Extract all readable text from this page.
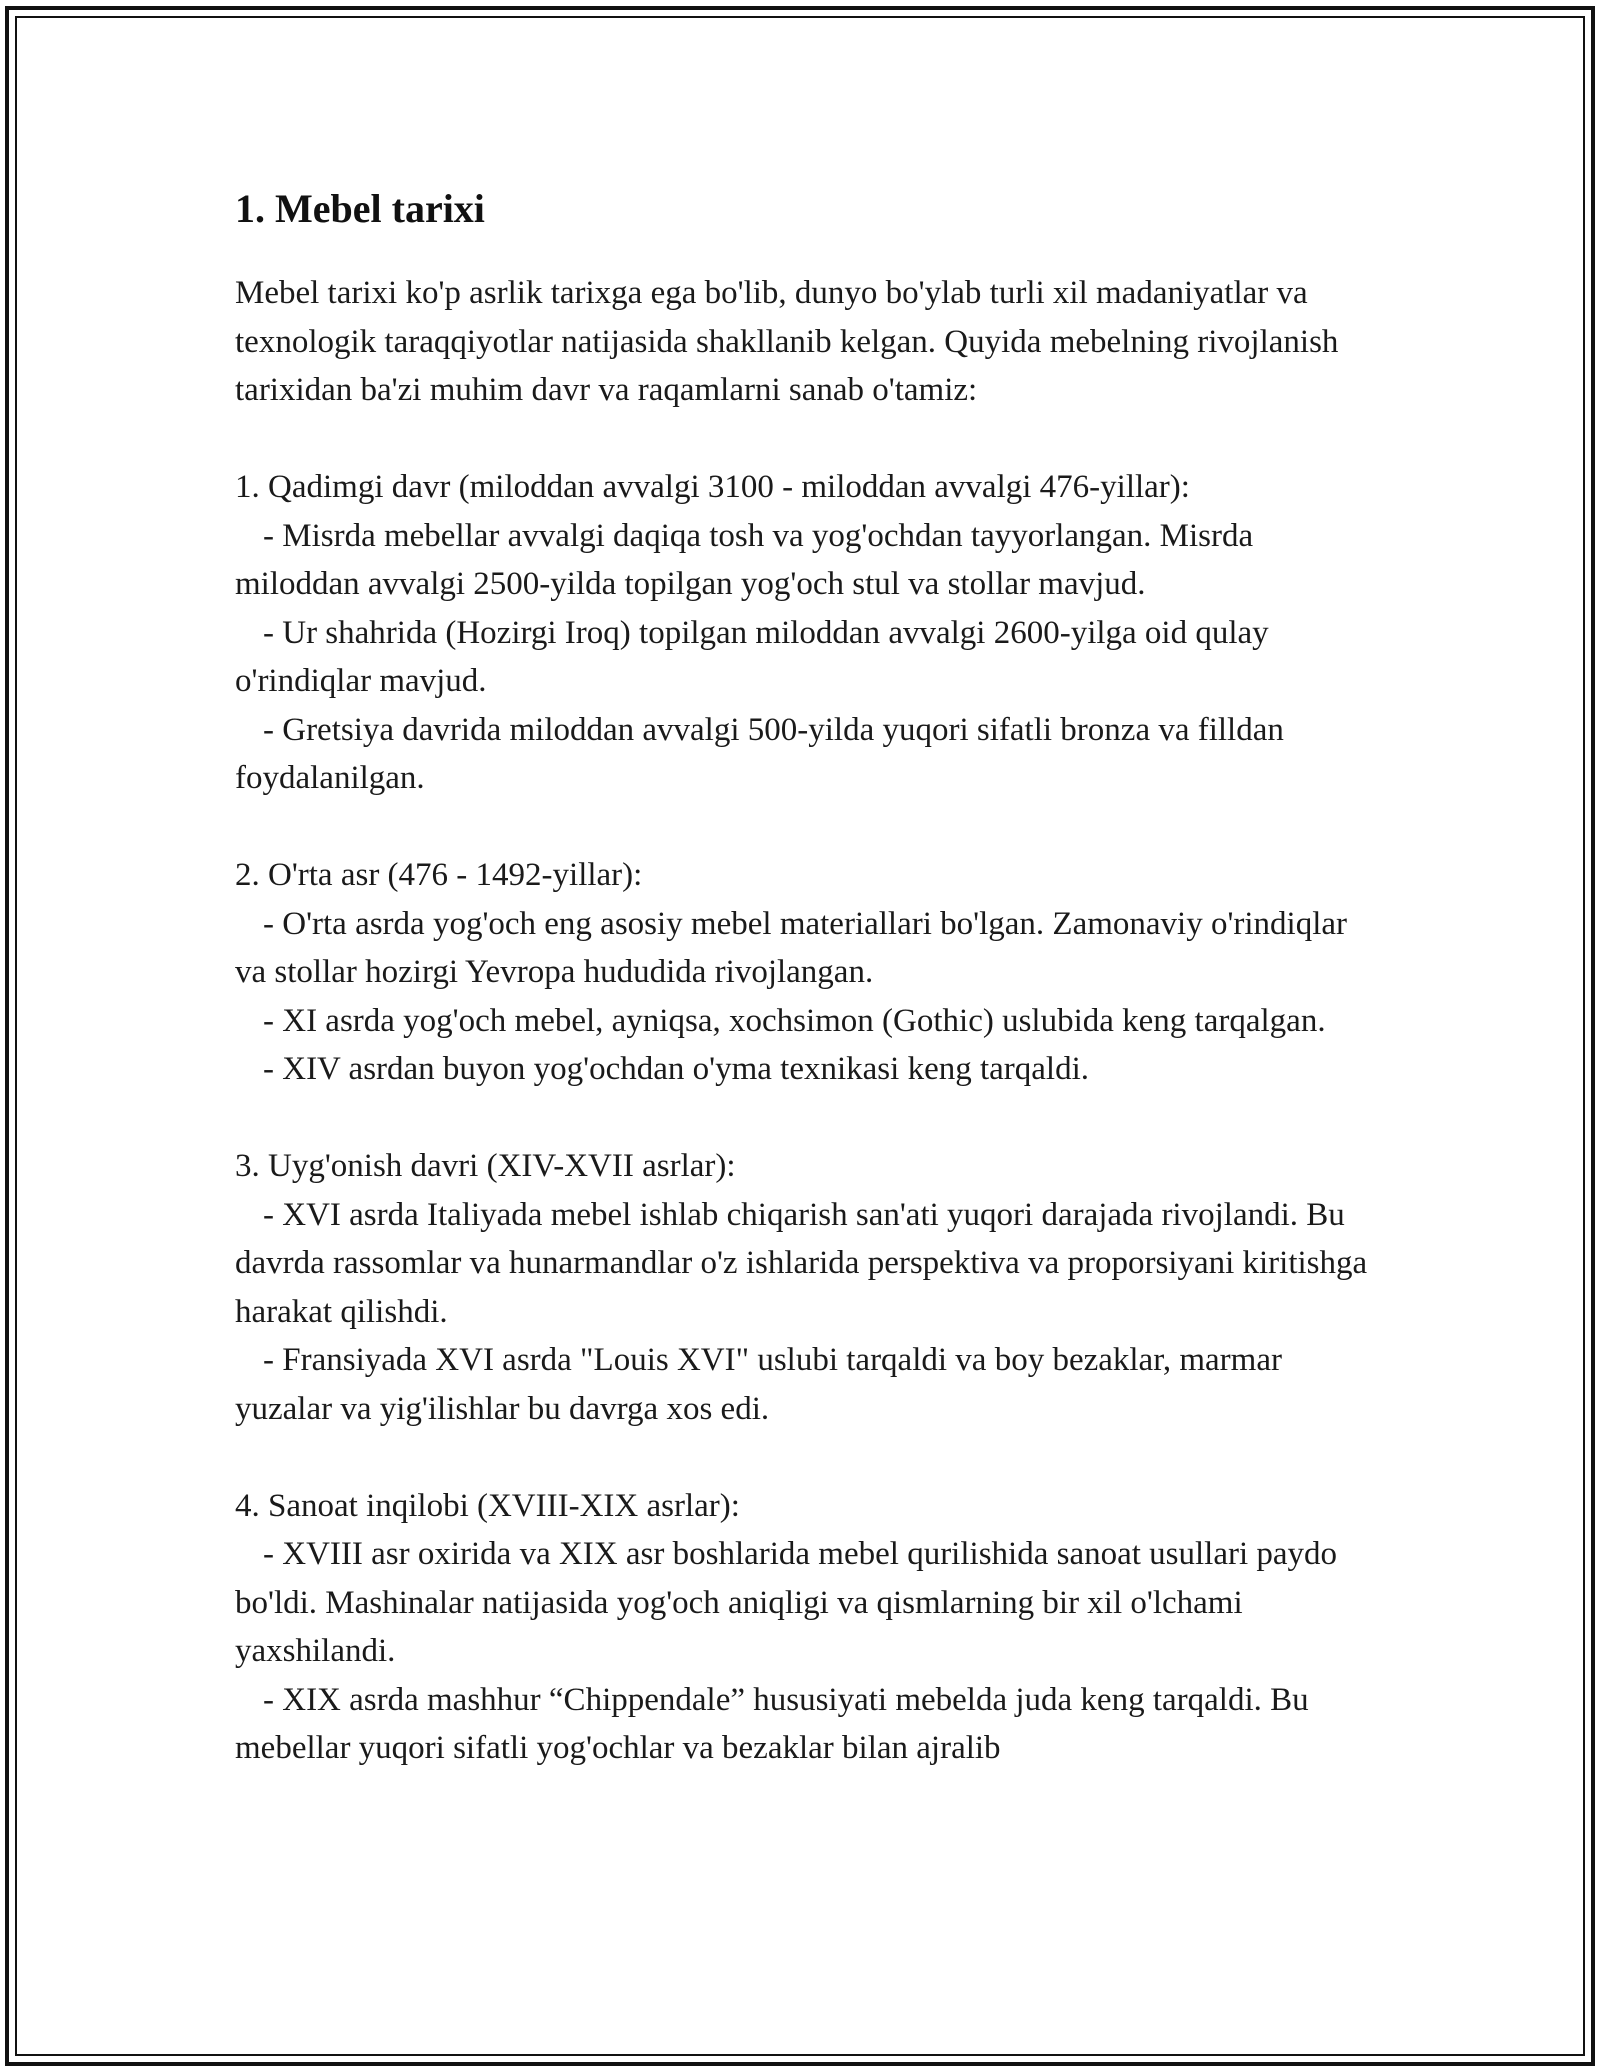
1. Mebel tarixi

Mebel tarixi ko'p asrlik tarixga ega bo'lib, dunyo bo'ylab turli xil madaniyatlar va texnologik taraqqiyotlar natijasida shakllanib kelgan. Quyida mebelning rivojlanish tarixidan ba'zi muhim davr va raqamlarni sanab o'tamiz:

1. Qadimgi davr (miloddan avvalgi 3100 - miloddan avvalgi 476-yillar):

- Misrda mebellar avvalgi daqiqa tosh va yog'ochdan tayyorlangan. Misrda miloddan avvalgi 2500-yilda topilgan yog'och stul va stollar mavjud.

- Ur shahrida (Hozirgi Iroq) topilgan miloddan avvalgi 2600-yilga oid qulay o'rindiqlar mavjud.

- Gretsiya davrida miloddan avvalgi 500-yilda yuqori sifatli bronza va filldan foydalanilgan.

2. O'rta asr (476 - 1492-yillar):

- O'rta asrda yog'och eng asosiy mebel materiallari bo'lgan. Zamonaviy o'rindiqlar va stollar hozirgi Yevropa hududida rivojlangan.

- XI asrda yog'och mebel, ayniqsa, xochsimon (Gothic) uslubida keng tarqalgan.

- XIV asrdan buyon yog'ochdan o'yma texnikasi keng tarqaldi.

3. Uyg'onish davri (XIV-XVII asrlar):

- XVI asrda Italiyada mebel ishlab chiqarish san'ati yuqori darajada rivojlandi. Bu davrda rassomlar va hunarmandlar o'z ishlarida perspektiva va proporsiyani kiritishga harakat qilishdi.

- Fransiyada XVI asrda "Louis XVI" uslubi tarqaldi va boy bezaklar, marmar yuzalar va yig'ilishlar bu davrga xos edi.

4. Sanoat inqilobi (XVIII-XIX asrlar):

- XVIII asr oxirida va XIX asr boshlarida mebel qurilishida sanoat usullari paydo bo'ldi. Mashinalar natijasida yog'och aniqligi va qismlarning bir xil o'lchami yaxshilandi.

- XIX asrda mashhur “Chippendale” hususiyati mebelda juda keng tarqaldi. Bu mebellar yuqori sifatli yog'ochlar va bezaklar bilan ajralib
